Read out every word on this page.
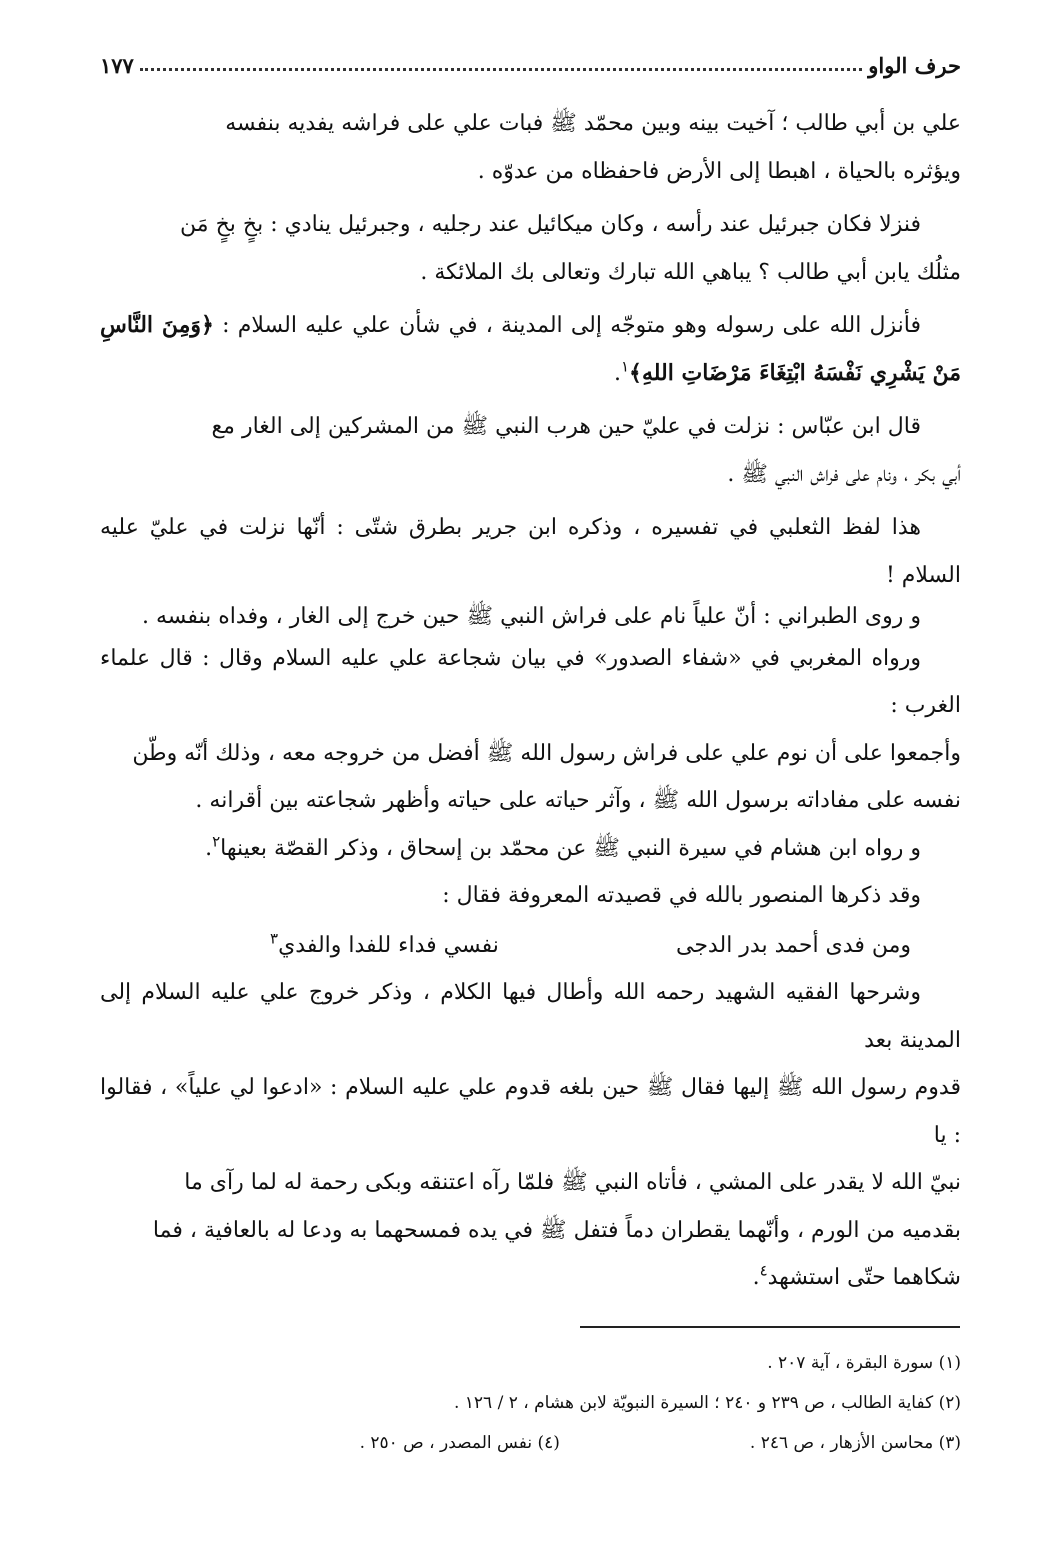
حرف الواو
١٧٧

علي بن أبي طالب ؛ آخيت بينه وبين محمّد ﷺ فبات علي على فراشه يفديه بنفسه

ويؤثره بالحياة ، اهبطا إلى الأرض فاحفظاه من عدوّه .

فنزلا فكان جبرئيل عند رأسه ، وكان ميكائيل عند رجليه ، وجبرئيل ينادي : بخٍ بخٍ مَن

مثلُك يابن أبي طالب ؟ يباهي الله تبارك وتعالى بك الملائكة .

فأنزل الله على رسوله وهو متوجّه إلى المدينة ، في شأن علي عليه السلام : ﴿وَمِنَ النَّاسِ مَنْ يَشْرِي نَفْسَهُ ابْتِغَاءَ مَرْضَاتِ اللهِ﴾$^١$.

قال ابن عبّاس : نزلت في عليّ حين هرب النبي ﷺ من المشركين إلى الغار مع

أبي بكر ، ونام على فراش النبي ﷺ .

هذا لفظ الثعلبي في تفسيره ، وذكره ابن جرير بطرق شتّى : أنّها نزلت في عليّ عليه السلام !

و روى الطبراني : أنّ علياً نام على فراش النبي ﷺ حين خرج إلى الغار ، وفداه بنفسه .

ورواه المغربي في «شفاء الصدور» في بيان شجاعة علي عليه السلام وقال : قال علماء الغرب :

وأجمعوا على أن نوم علي على فراش رسول الله ﷺ أفضل من خروجه معه ، وذلك أنّه وطّن

نفسه على مفاداته برسول الله ﷺ ، وآثر حياته على حياته وأظهر شجاعته بين أقرانه .

و رواه ابن هشام في سيرة النبي ﷺ عن محمّد بن إسحاق ، وذكر القصّة بعينها$^٢$.

وقد ذكرها المنصور بالله في قصيدته المعروفة فقال :

ومن فدى أحمد بدر الدجى
نفسي فداء للفدا والفدي$^٣$

وشرحها الفقيه الشهيد رحمه الله وأطال فيها الكلام ، وذكر خروج علي عليه السلام إلى المدينة بعد

قدوم رسول الله ﷺ إليها فقال ﷺ حين بلغه قدوم علي عليه السلام : «ادعوا لي علياً» ، فقالوا : يا

نبيّ الله لا يقدر على المشي ، فأتاه النبي ﷺ فلمّا رآه اعتنقه وبكى رحمة له لما رآى ما

بقدميه من الورم ، وأنّهما يقطران دماً فتفل ﷺ في يده فمسحهما به ودعا له بالعافية ، فما

شكاهما حتّى استشهد$^٤$.

(١) سورة البقرة ، آية ٢٠٧ .
(٢) كفاية الطالب ، ص ٢٣٩ و ٢٤٠ ؛ السيرة النبويّة لابن هشام ، ٢ / ١٢٦ .
(٣) محاسن الأزهار ، ص ٢٤٦ .
(٤) نفس المصدر ، ص ٢٥٠ .
